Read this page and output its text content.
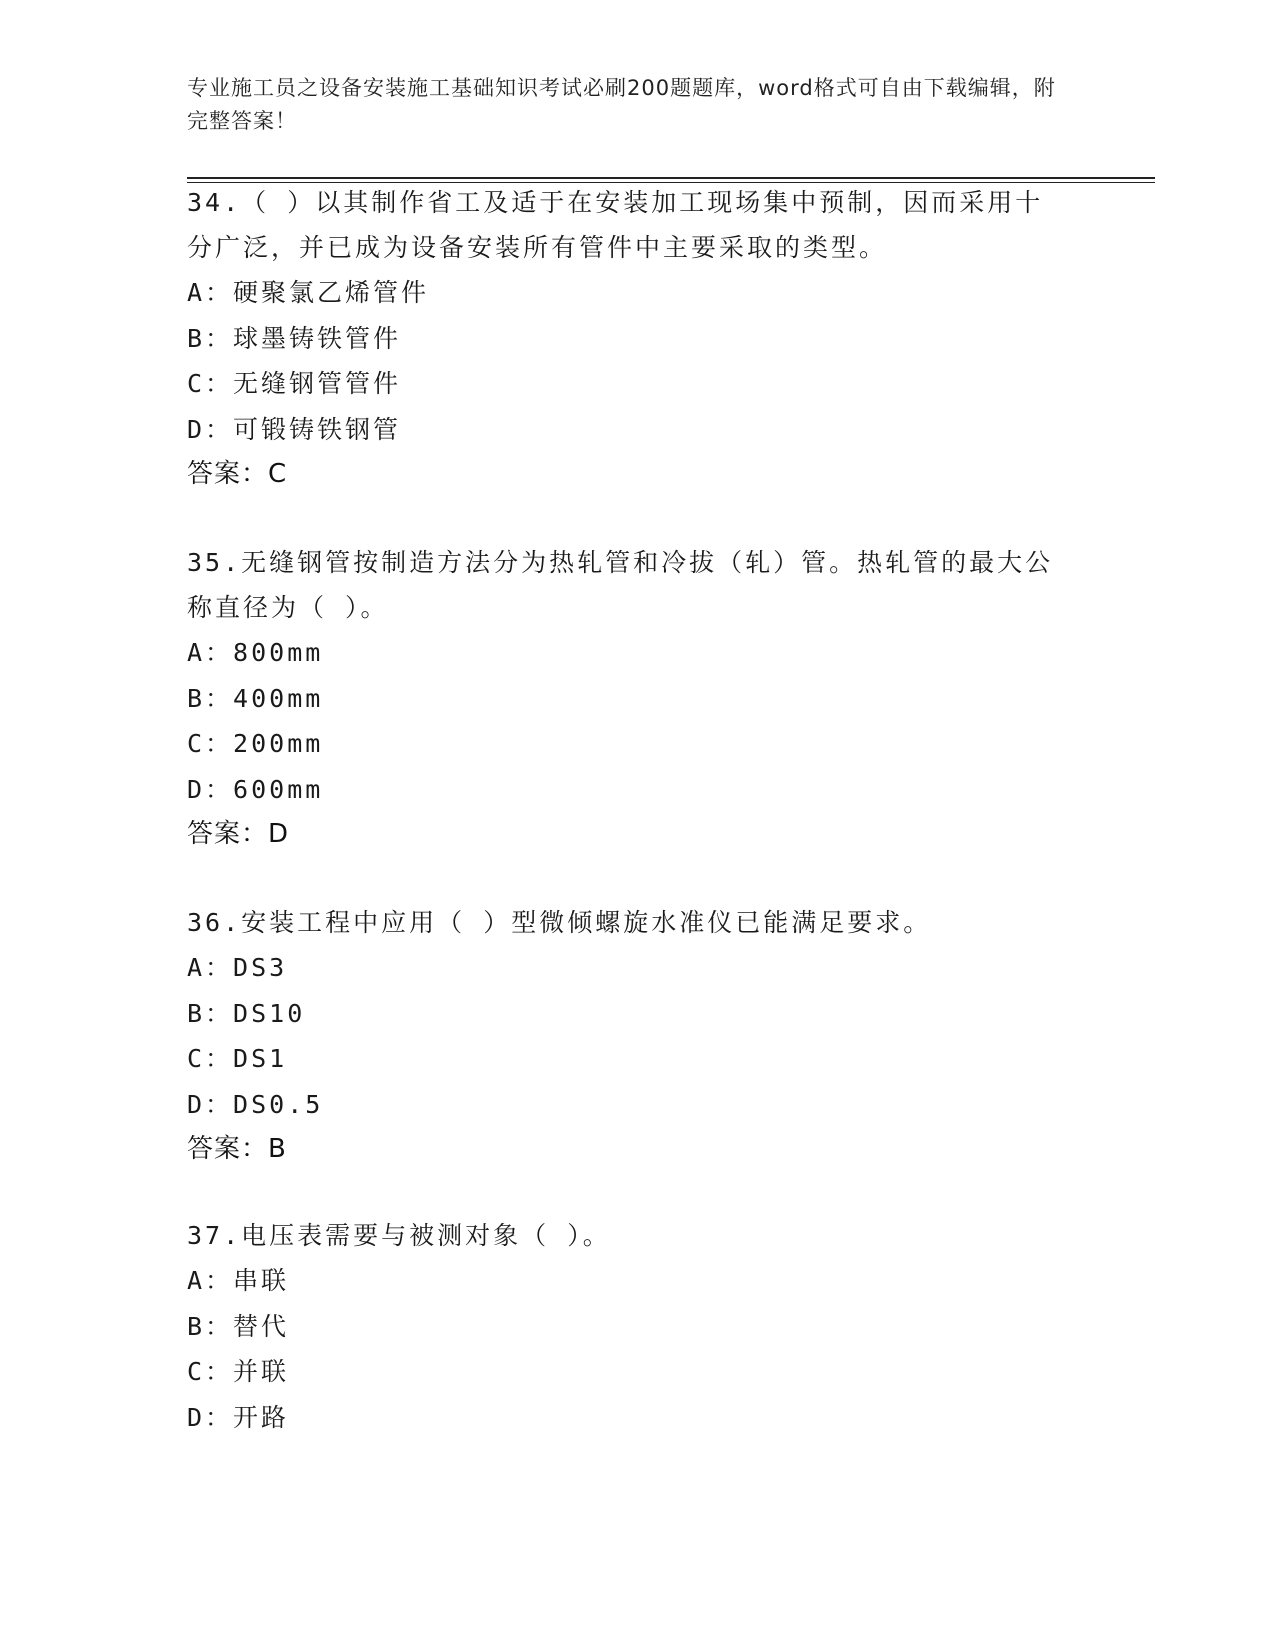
专业施工员之设备安装施工基础知识考试必刷200题题库，word格式可自由下载编辑，附完整答案！
34.（ ）以其制作省工及适于在安装加工现场集中预制，因而采用十分广泛，并已成为设备安装所有管件中主要采取的类型。
A：硬聚氯乙烯管件
B：球墨铸铁管件
C：无缝钢管管件
D：可锻铸铁钢管
答案：C
35.无缝钢管按制造方法分为热轧管和冷拔（轧）管。热轧管的最大公称直径为（ ）。
A：800mm
B：400mm
C：200mm
D：600mm
答案：D
36.安装工程中应用（ ）型微倾螺旋水准仪已能满足要求。
A：DS3
B：DS10
C：DS1
D：DS0.5
答案：B
37.电压表需要与被测对象（ ）。
A：串联
B：替代
C：并联
D：开路
